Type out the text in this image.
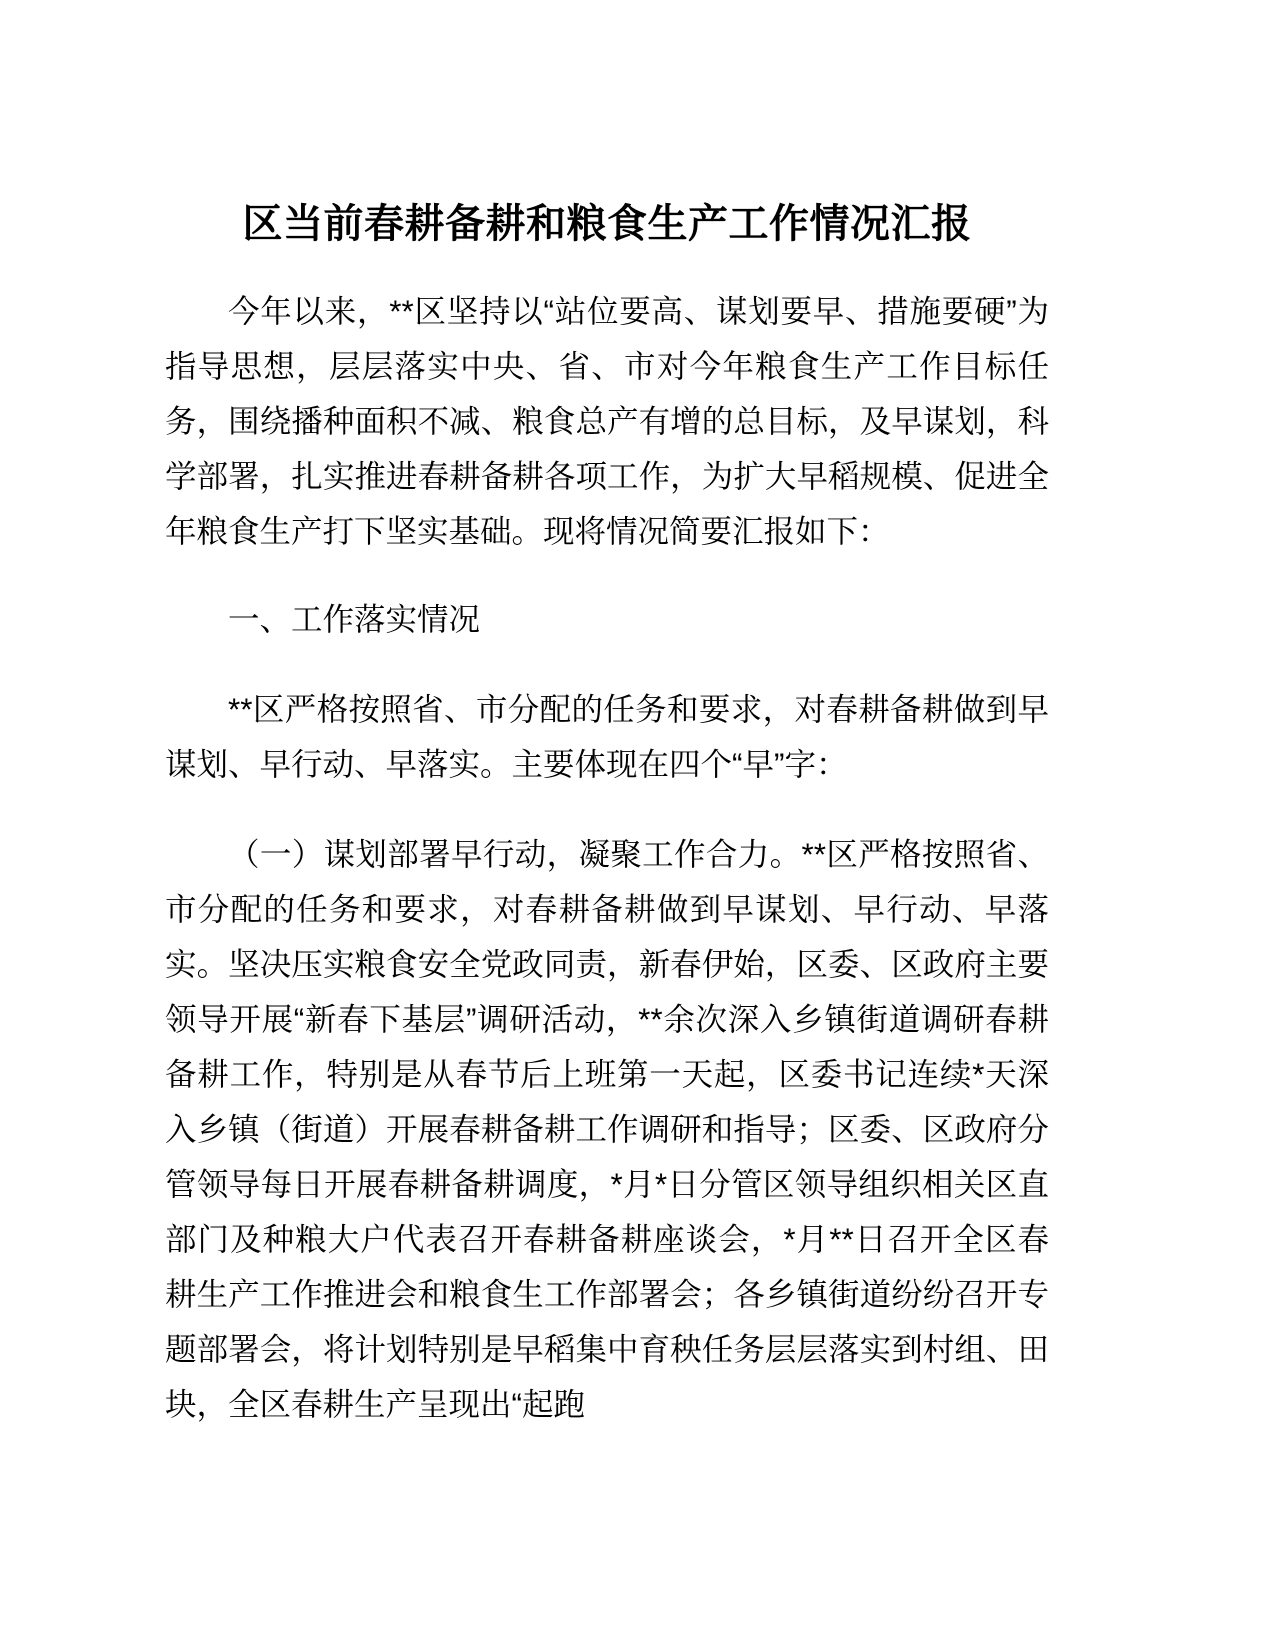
区当前春耕备耕和粮食生产工作情况汇报

今年以来，**区坚持以“站位要高、谋划要早、措施要硬”为指导思想，层层落实中央、省、市对今年粮食生产工作目标任务，围绕播种面积不减、粮食总产有增的总目标，及早谋划，科学部署，扎实推进春耕备耕各项工作，为扩大早稻规模、促进全年粮食生产打下坚实基础。现将情况简要汇报如下：

一、工作落实情况

**区严格按照省、市分配的任务和要求，对春耕备耕做到早谋划、早行动、早落实。主要体现在四个“早”字：

（一）谋划部署早行动，凝聚工作合力。**区严格按照省、市分配的任务和要求，对春耕备耕做到早谋划、早行动、早落实。坚决压实粮食安全党政同责，新春伊始，区委、区政府主要领导开展“新春下基层”调研活动，**余次深入乡镇街道调研春耕备耕工作，特别是从春节后上班第一天起，区委书记连续*天深入乡镇（街道）开展春耕备耕工作调研和指导；区委、区政府分管领导每日开展春耕备耕调度，*月*日分管区领导组织相关区直部门及种粮大户代表召开春耕备耕座谈会，*月**日召开全区春耕生产工作推进会和粮食生工作部署会；各乡镇街道纷纷召开专题部署会，将计划特别是早稻集中育秧任务层层落实到村组、田块，全区春耕生产呈现出“起跑
